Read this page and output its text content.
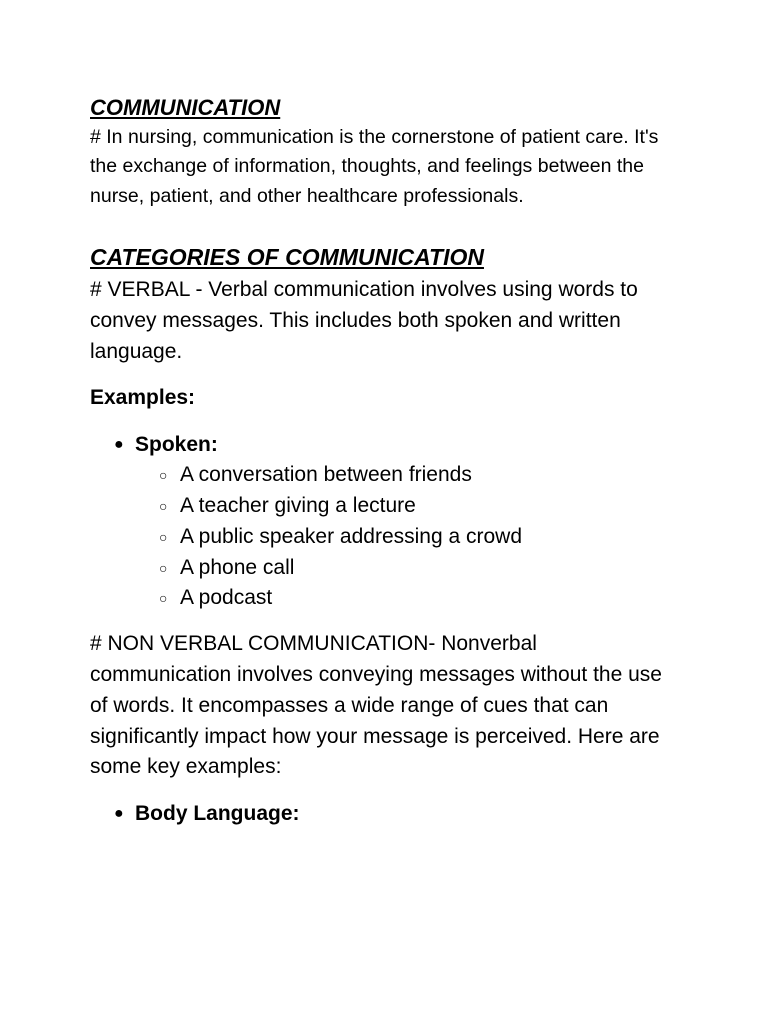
COMMUNICATION

# In nursing, communication is the cornerstone of patient care. It's the exchange of information, thoughts, and feelings between the nurse, patient, and other healthcare professionals.

CATEGORIES OF COMMUNICATION

# VERBAL - Verbal communication involves using words to convey messages. This includes both spoken and written language.

Examples:

● Spoken:
○ A conversation between friends
○ A teacher giving a lecture
○ A public speaker addressing a crowd
○ A phone call
○ A podcast

# NON VERBAL COMMUNICATION- Nonverbal communication involves conveying messages without the use of words. It encompasses a wide range of cues that can significantly impact how your message is perceived. Here are some key examples:

● Body Language:
